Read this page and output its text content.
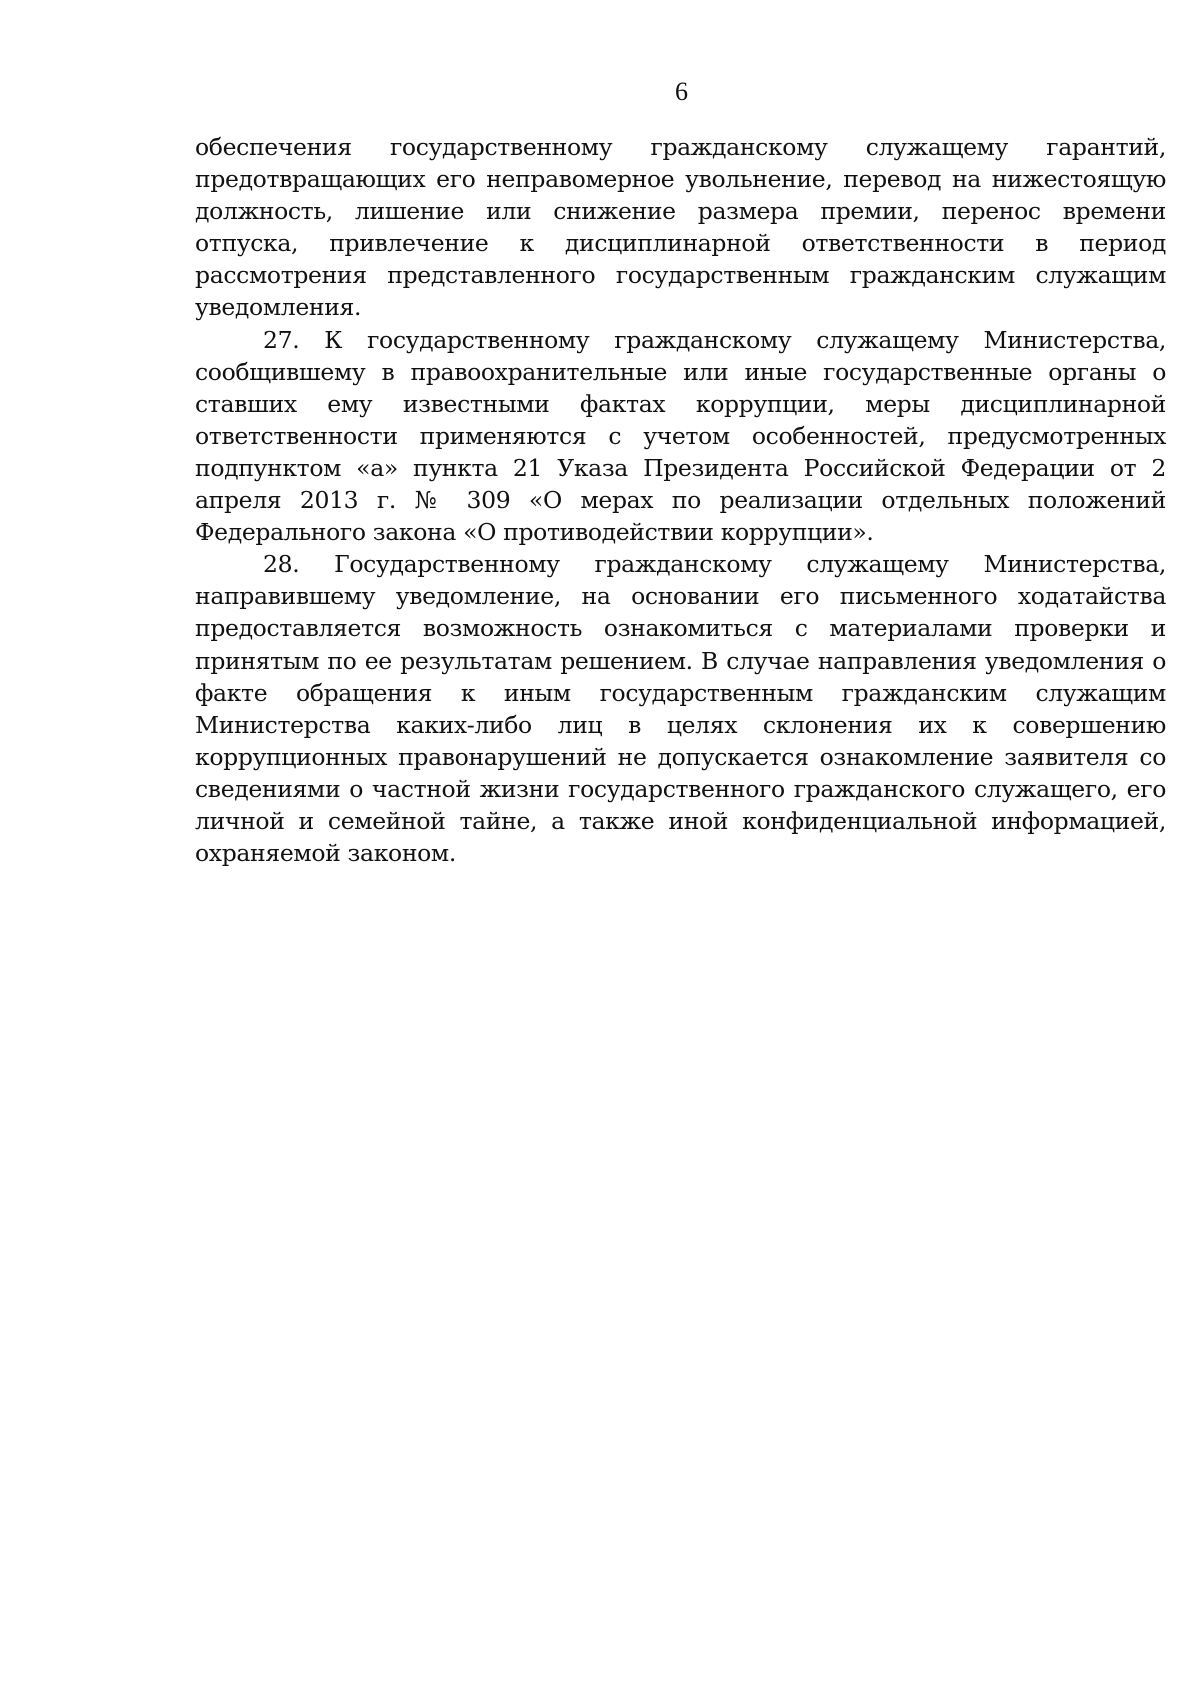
6

обеспечения государственному гражданскому служащему гарантий, предотвращающих его неправомерное увольнение, перевод на нижестоящую должность, лишение или снижение размера премии, перенос времени отпуска, привлечение к дисциплинарной ответственности в период рассмотрения представленного государственным гражданским служащим уведомления.

27. К государственному гражданскому служащему Министерства, сообщившему в правоохранительные или иные государственные органы о ставших ему известными фактах коррупции, меры дисциплинарной ответственности применяются с учетом особенностей, предусмотренных подпунктом «а» пункта 21 Указа Президента Российской Федерации от 2 апреля 2013 г. № 309 «О мерах по реализации отдельных положений Федерального закона «О противодействии коррупции».

28. Государственному гражданскому служащему Министерства, направившему уведомление, на основании его письменного ходатайства предоставляется возможность ознакомиться с материалами проверки и принятым по ее результатам решением. В случае направления уведомления о факте обращения к иным государственным гражданским служащим Министерства каких-либо лиц в целях склонения их к совершению коррупционных правонарушений не допускается ознакомление заявителя со сведениями о частной жизни государственного гражданского служащего, его личной и семейной тайне, а также иной конфиденциальной информацией, охраняемой законом.
